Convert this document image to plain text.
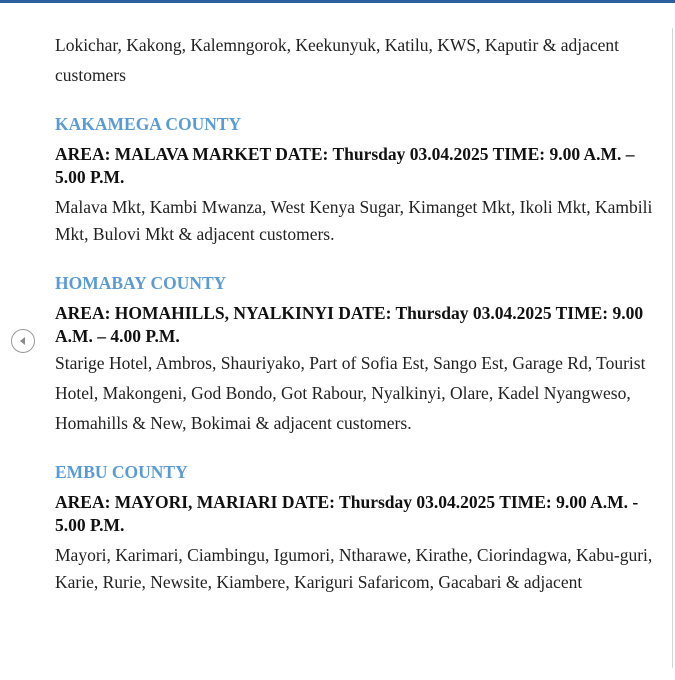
Lokichar, Kakong, Kalemngorok, Keekunyuk, Katilu, KWS, Kaputir & adjacent customers

KAKAMEGA COUNTY

AREA: MALAVA MARKET DATE: Thursday 03.04.2025 TIME: 9.00 A.M. – 5.00 P.M.

Malava Mkt, Kambi Mwanza, West Kenya Sugar, Kimanget Mkt, Ikoli Mkt, Kambili

Mkt, Bulovi Mkt & adjacent customers.

HOMABAY COUNTY

AREA: HOMAHILLS, NYALKINYI DATE: Thursday 03.04.2025 TIME: 9.00 A.M. – 4.00 P.M.

Starige Hotel, Ambros, Shauriyako, Part of Sofia Est, Sango Est, Garage Rd, Tourist Hotel, Makongeni, God Bondo, Got Rabour, Nyalkinyi, Olare, Kadel Nyangweso, Homahills & New, Bokimai & adjacent customers.

EMBU COUNTY

AREA: MAYORI, MARIARI DATE: Thursday 03.04.2025 TIME: 9.00 A.M. - 5.00 P.M.

Mayori, Karimari, Ciambingu, Igumori, Ntharawe, Kirathe, Ciorindagwa, Kabu-guri,

Karie, Rurie, Newsite, Kiambere, Kariguri Safaricom, Gacabari & adjacent
